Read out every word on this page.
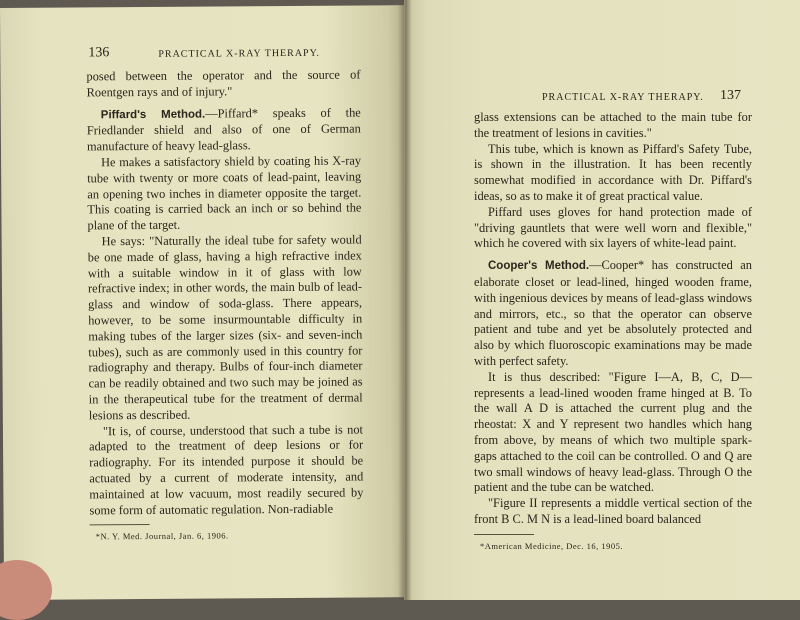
136	PRACTICAL X-RAY THERAPY.

posed between the operator and the source of Roentgen rays and of injury."

Piffard's Method.—Piffard* speaks of the Friedlander shield and also of one of German manufacture of heavy lead-glass.

He makes a satisfactory shield by coating his X-ray tube with twenty or more coats of lead-paint, leaving an opening two inches in diameter opposite the target. This coating is carried back an inch or so behind the plane of the target.

He says: "Naturally the ideal tube for safety would be one made of glass, having a high refractive index with a suitable window in it of glass with low refractive index; in other words, the main bulb of lead-glass and window of soda-glass. There appears, however, to be some insurmountable difficulty in making tubes of the larger sizes (six- and seven-inch tubes), such as are commonly used in this country for radiography and therapy. Bulbs of four-inch diameter can be readily obtained and two such may be joined as in the therapeutical tube for the treatment of dermal lesions as described.

"It is, of course, understood that such a tube is not adapted to the treatment of deep lesions or for radiography. For its intended purpose it should be actuated by a current of moderate intensity, and maintained at low vacuum, most readily secured by some form of automatic regulation. Non-radiable

*N. Y. Med. Journal, Jan. 6, 1906.
PRACTICAL X-RAY THERAPY. 137

glass extensions can be attached to the main tube for the treatment of lesions in cavities."

This tube, which is known as Piffard's Safety Tube, is shown in the illustration. It has been recently somewhat modified in accordance with Dr. Piffard's ideas, so as to make it of great practical value.

Piffard uses gloves for hand protection made of "driving gauntlets that were well worn and flexible," which he covered with six layers of white-lead paint.

Cooper's Method.—Cooper* has constructed an elaborate closet or lead-lined, hinged wooden frame, with ingenious devices by means of lead-glass windows and mirrors, etc., so that the operator can observe patient and tube and yet be absolutely protected and also by which fluoroscopic examinations may be made with perfect safety.

It is thus described: "Figure I—A, B, C, D—represents a lead-lined wooden frame hinged at B. To the wall A D is attached the current plug and the rheostat: X and Y represent two handles which hang from above, by means of which two multiple spark-gaps attached to the coil can be controlled. O and Q are two small windows of heavy lead-glass. Through O the patient and the tube can be watched.

"Figure II represents a middle vertical section of the front B C. M N is a lead-lined board balanced

*American Medicine, Dec. 16, 1905.
